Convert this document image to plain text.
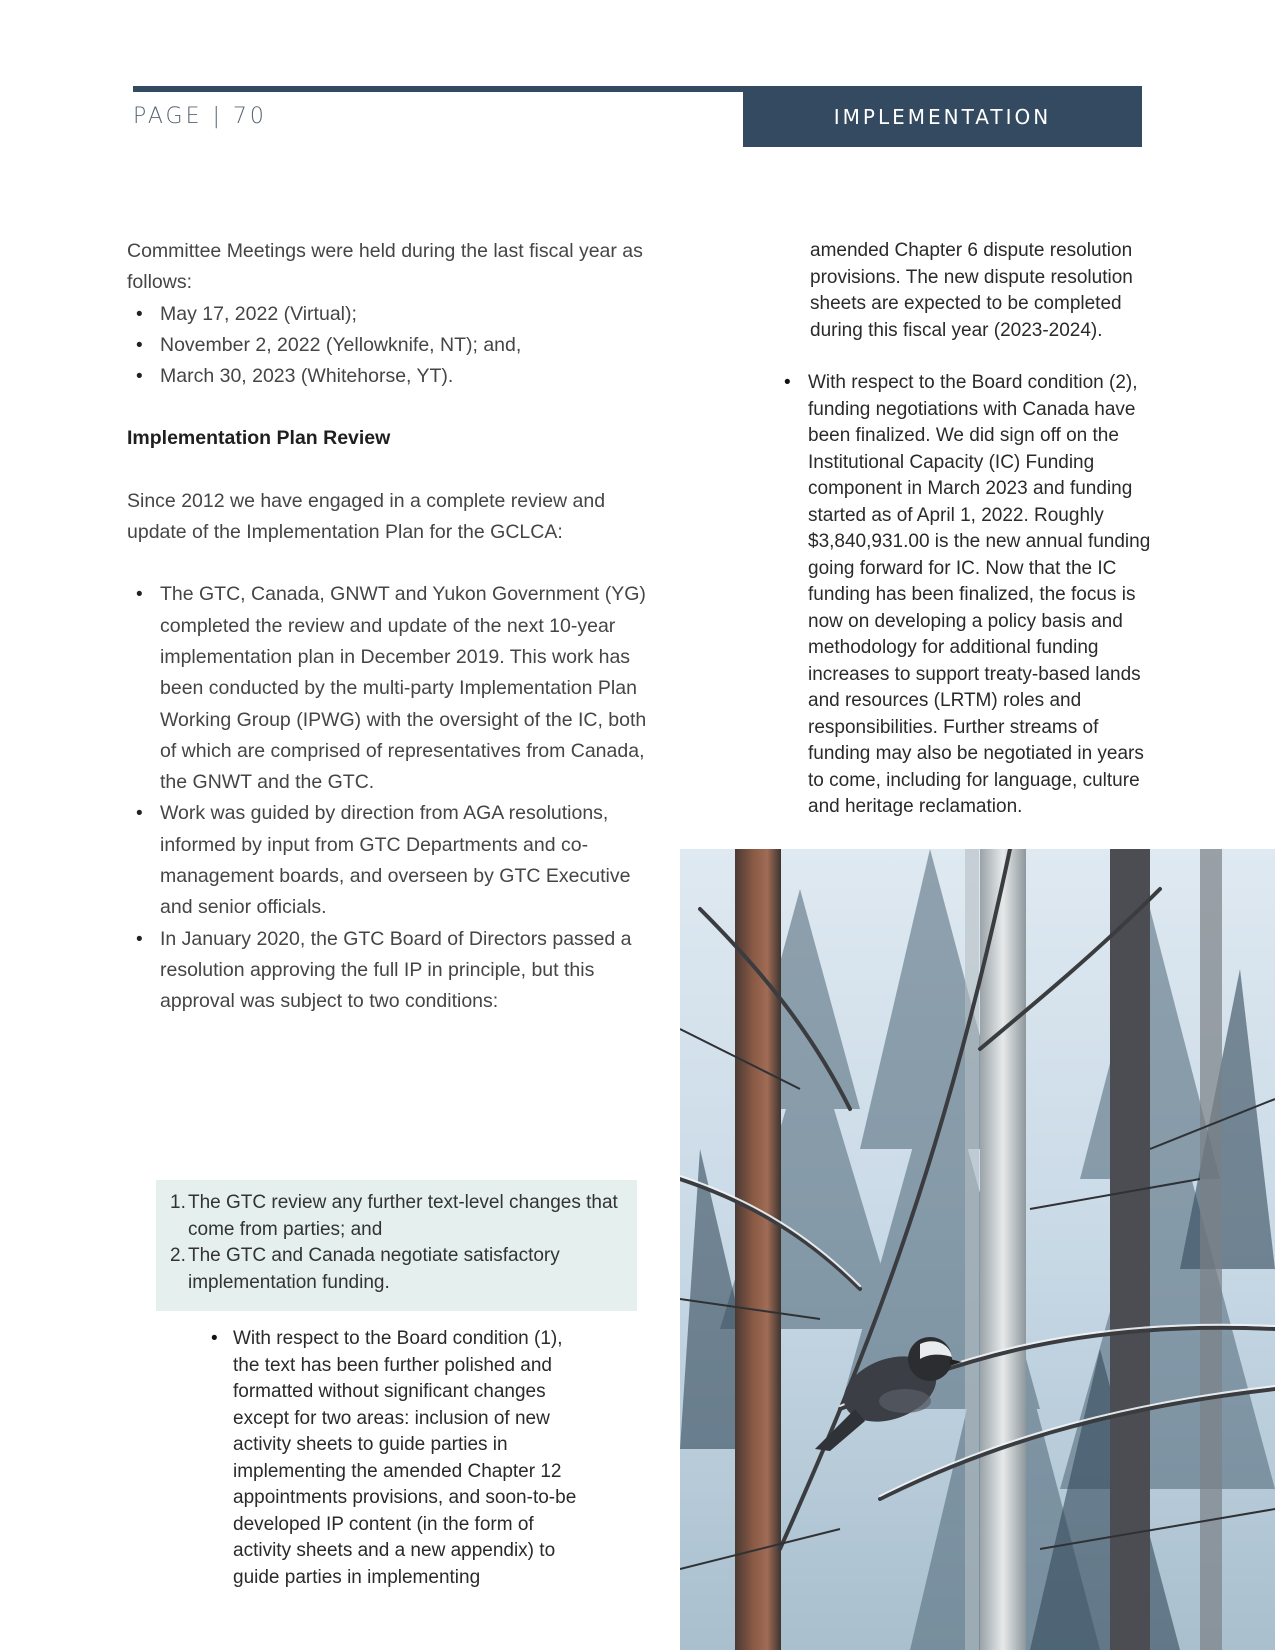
PAGE | 70	IMPLEMENTATION

Committee Meetings were held during the last fiscal year as follows:

• May 17, 2022 (Virtual);
• November 2, 2022 (Yellowknife, NT); and,
• March 30, 2023 (Whitehorse, YT).

Implementation Plan Review

Since 2012 we have engaged in a complete review and update of the Implementation Plan for the GCLCA:

• The GTC, Canada, GNWT and Yukon Government (YG) completed the review and update of the next 10-year implementation plan in December 2019. This work has been conducted by the multi-party Implementation Plan Working Group (IPWG) with the oversight of the IC, both of which are comprised of representatives from Canada, the GNWT and the GTC.
• Work was guided by direction from AGA resolutions, informed by input from GTC Departments and co-management boards, and overseen by GTC Executive and senior officials.
• In January 2020, the GTC Board of Directors passed a resolution approving the full IP in principle, but this approval was subject to two conditions:
1. The GTC review any further text-level changes that come from parties; and
2. The GTC and Canada negotiate satisfactory implementation funding.
• With respect to the Board condition (1), the text has been further polished and formatted without significant changes except for two areas: inclusion of new activity sheets to guide parties in implementing the amended Chapter 12 appointments provisions, and soon-to-be developed IP content (in the form of activity sheets and a new appendix) to guide parties in implementing
amended Chapter 6 dispute resolution provisions. The new dispute resolution sheets are expected to be completed during this fiscal year (2023-2024).
• With respect to the Board condition (2), funding negotiations with Canada have been finalized. We did sign off on the Institutional Capacity (IC) Funding component in March 2023 and funding started as of April 1, 2022. Roughly $3,840,931.00 is the new annual funding going forward for IC. Now that the IC funding has been finalized, the focus is now on developing a policy basis and methodology for additional funding increases to support treaty-based lands and resources (LRTM) roles and responsibilities. Further streams of funding may also be negotiated in years to come, including for language, culture and heritage reclamation.
